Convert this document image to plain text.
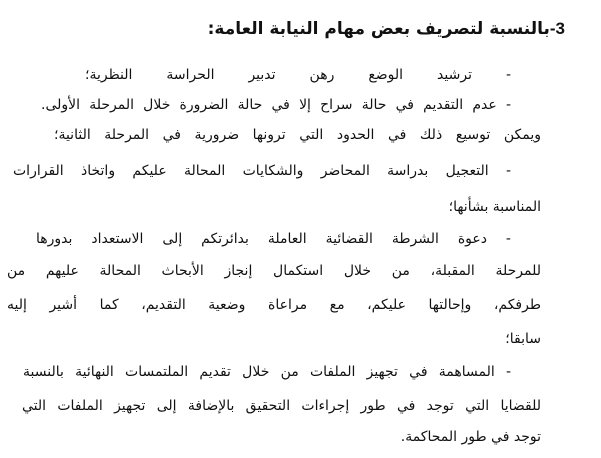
3-بالنسبة لتصريف بعض مهام النيابة العامة:
- ترشيد الوضع رهن تدبير الحراسة النظرية؛
- عدم التقديم في حالة سراح إلا في حالة الضرورة خلال المرحلة الأولى.
ويمكن توسيع ذلك في الحدود التي ترونها ضرورية في المرحلة الثانية؛
- التعجيل بدراسة المحاضر والشكايات المحالة عليكم واتخاذ القرارات
المناسبة بشأنها؛
- دعوة الشرطة القضائية العاملة بدائرتكم إلى الاستعداد بدورها
للمرحلة المقبلة، من خلال استكمال إنجاز الأبحاث المحالة عليهم من
طرفكم، وإحالتها عليكم، مع مراعاة وضعية التقديم، كما أشير إليه
سابقا؛
- المساهمة في تجهيز الملفات من خلال تقديم الملتمسات النهائية بالنسبة
للقضايا التي توجد في طور إجراءات التحقيق بالإضافة إلى تجهيز الملفات التي
توجد في طور المحاكمة.
